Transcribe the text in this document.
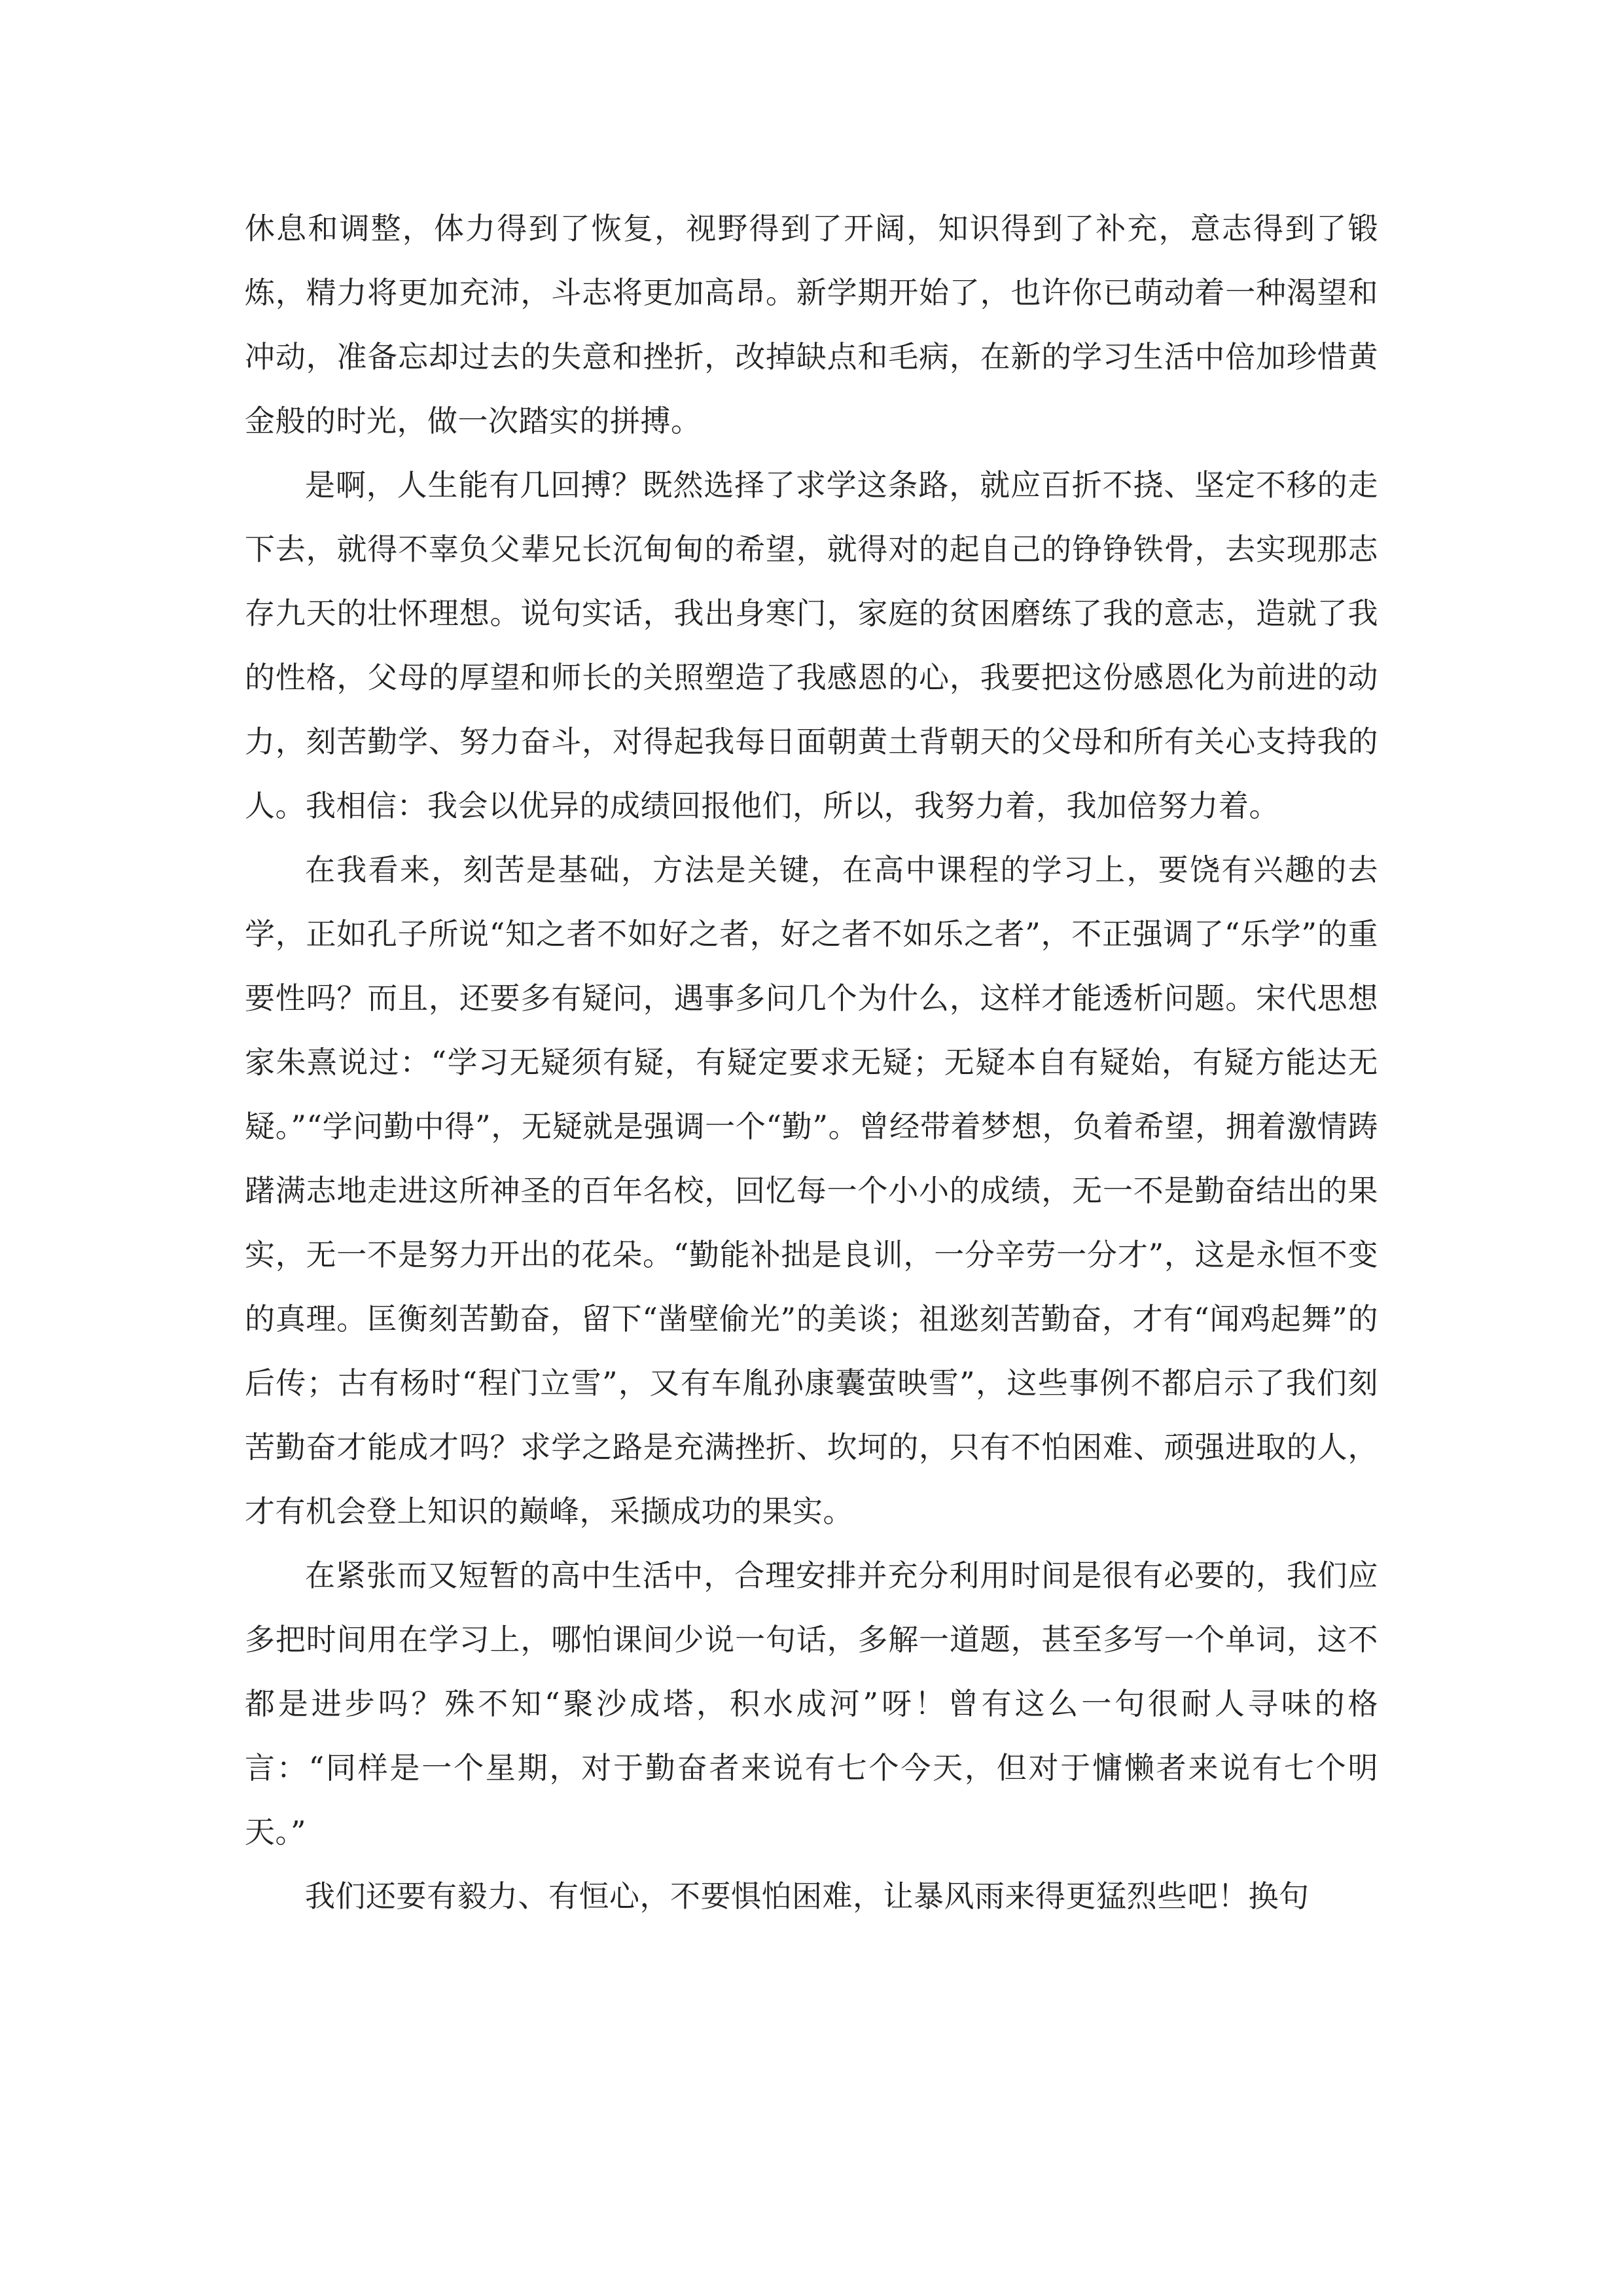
休息和调整，体力得到了恢复，视野得到了开阔，知识得到了补充，意志得到了锻炼，精力将更加充沛，斗志将更加高昂。新学期开始了，也许你已萌动着一种渴望和冲动，准备忘却过去的失意和挫折，改掉缺点和毛病，在新的学习生活中倍加珍惜黄金般的时光，做一次踏实的拼搏。

是啊，人生能有几回搏？既然选择了求学这条路，就应百折不挠、坚定不移的走下去，就得不辜负父辈兄长沉甸甸的希望，就得对的起自己的铮铮铁骨，去实现那志存九天的壮怀理想。说句实话，我出身寒门，家庭的贫困磨练了我的意志，造就了我的性格，父母的厚望和师长的关照塑造了我感恩的心，我要把这份感恩化为前进的动力，刻苦勤学、努力奋斗，对得起我每日面朝黄土背朝天的父母和所有关心支持我的人。我相信：我会以优异的成绩回报他们，所以，我努力着，我加倍努力着。

在我看来，刻苦是基础，方法是关键，在高中课程的学习上，要饶有兴趣的去学，正如孔子所说“知之者不如好之者，好之者不如乐之者”，不正强调了“乐学”的重要性吗？而且，还要多有疑问，遇事多问几个为什么，这样才能透析问题。宋代思想家朱熹说过：“学习无疑须有疑，有疑定要求无疑；无疑本自有疑始，有疑方能达无疑。”“学问勤中得”，无疑就是强调一个“勤”。曾经带着梦想，负着希望，拥着激情踌躇满志地走进这所神圣的百年名校，回忆每一个小小的成绩，无一不是勤奋结出的果实，无一不是努力开出的花朵。“勤能补拙是良训，一分辛劳一分才”，这是永恒不变的真理。匡衡刻苦勤奋，留下“凿壁偷光”的美谈；祖逖刻苦勤奋，才有“闻鸡起舞”的后传；古有杨时“程门立雪”，又有车胤孙康囊萤映雪”，这些事例不都启示了我们刻苦勤奋才能成才吗？求学之路是充满挫折、坎坷的，只有不怕困难、顽强进取的人，才有机会登上知识的巅峰，采撷成功的果实。

在紧张而又短暂的高中生活中，合理安排并充分利用时间是很有必要的，我们应多把时间用在学习上，哪怕课间少说一句话，多解一道题，甚至多写一个单词，这不都是进步吗？殊不知“聚沙成塔，积水成河”呀！曾有这么一句很耐人寻味的格言：“同样是一个星期，对于勤奋者来说有七个今天，但对于慵懒者来说有七个明天。”

我们还要有毅力、有恒心，不要惧怕困难，让暴风雨来得更猛烈些吧！换句
